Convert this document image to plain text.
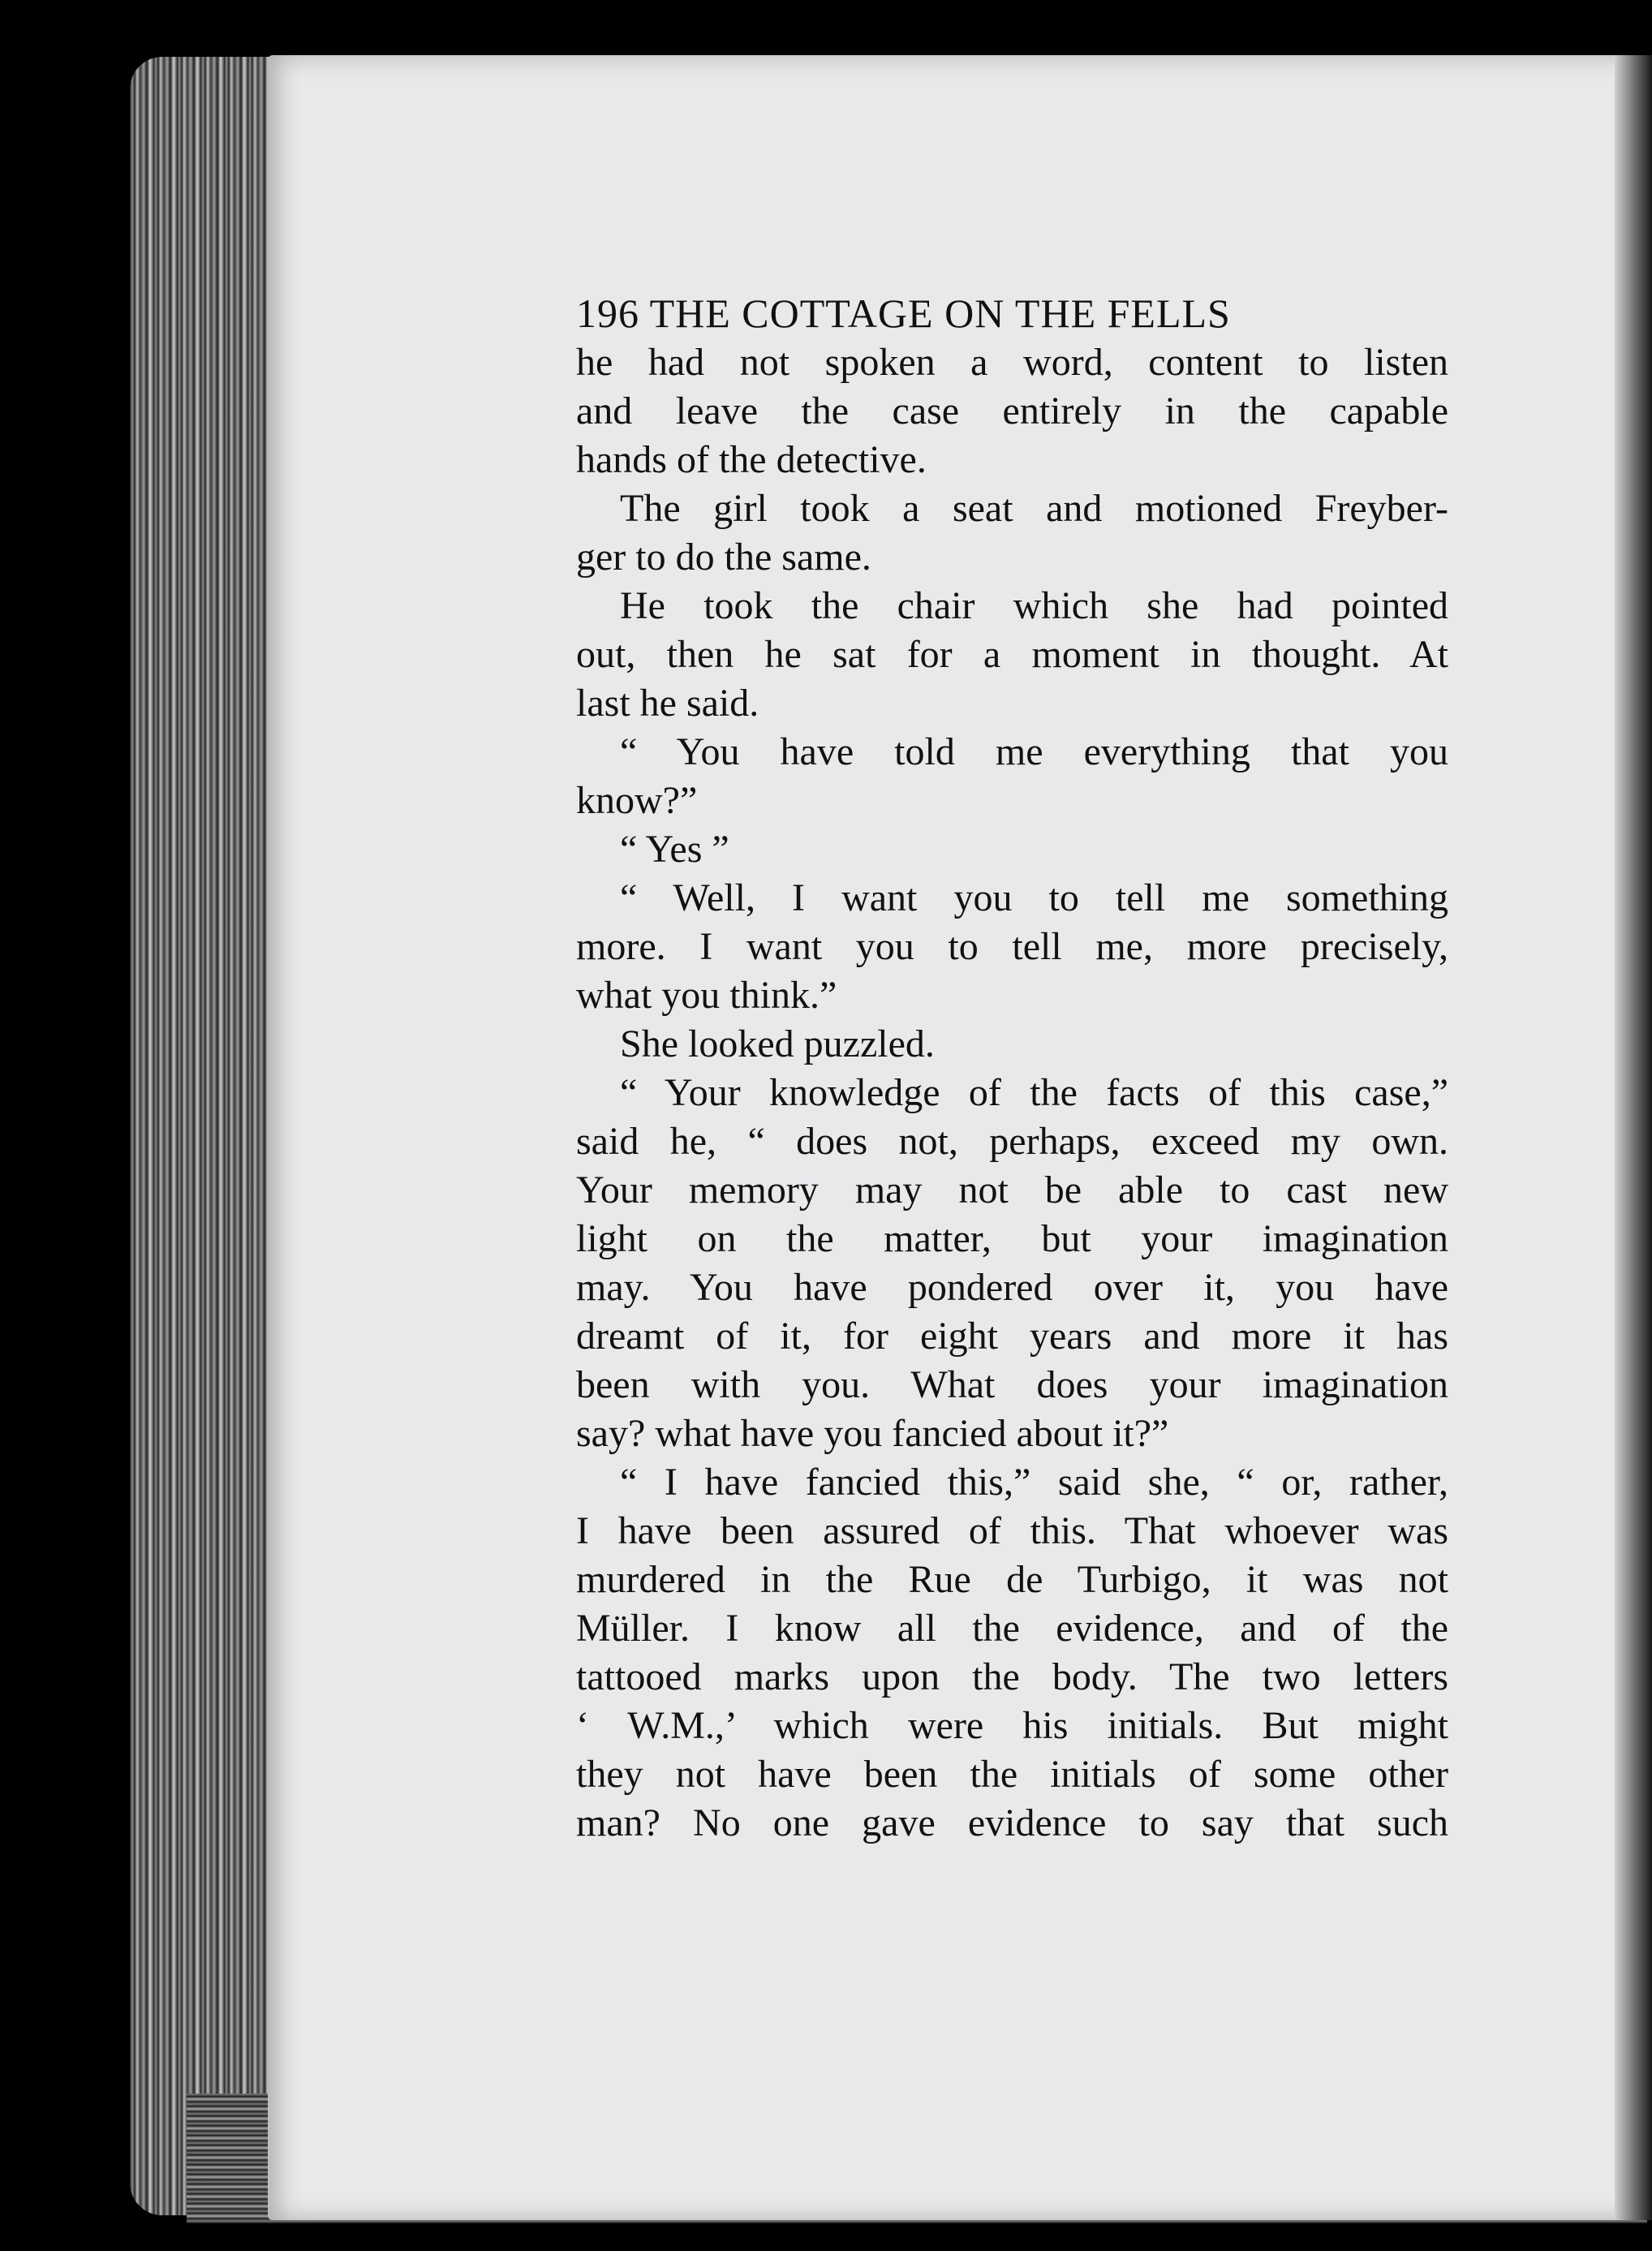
196 THE COTTAGE ON THE FELLS
he had not spoken a word, content to listen
and leave the case entirely in the capable
hands of the detective.
The girl took a seat and motioned Freyber-
ger to do the same.
He took the chair which she had pointed
out, then he sat for a moment in thought. At
last he said.
“ You have told me everything that you
know?”
“ Yes ”
“ Well, I want you to tell me something
more. I want you to tell me, more precisely,
what you think.”
She looked puzzled.
“ Your knowledge of the facts of this case,”
said he, “ does not, perhaps, exceed my own.
Your memory may not be able to cast new
light on the matter, but your imagination
may. You have pondered over it, you have
dreamt of it, for eight years and more it has
been with you. What does your imagination
say? what have you fancied about it?”
“ I have fancied this,” said she, “ or, rather,
I have been assured of this. That whoever was
murdered in the Rue de Turbigo, it was not
Müller. I know all the evidence, and of the
tattooed marks upon the body. The two letters
‘ W.M.,’ which were his initials. But might
they not have been the initials of some other
man? No one gave evidence to say that such
